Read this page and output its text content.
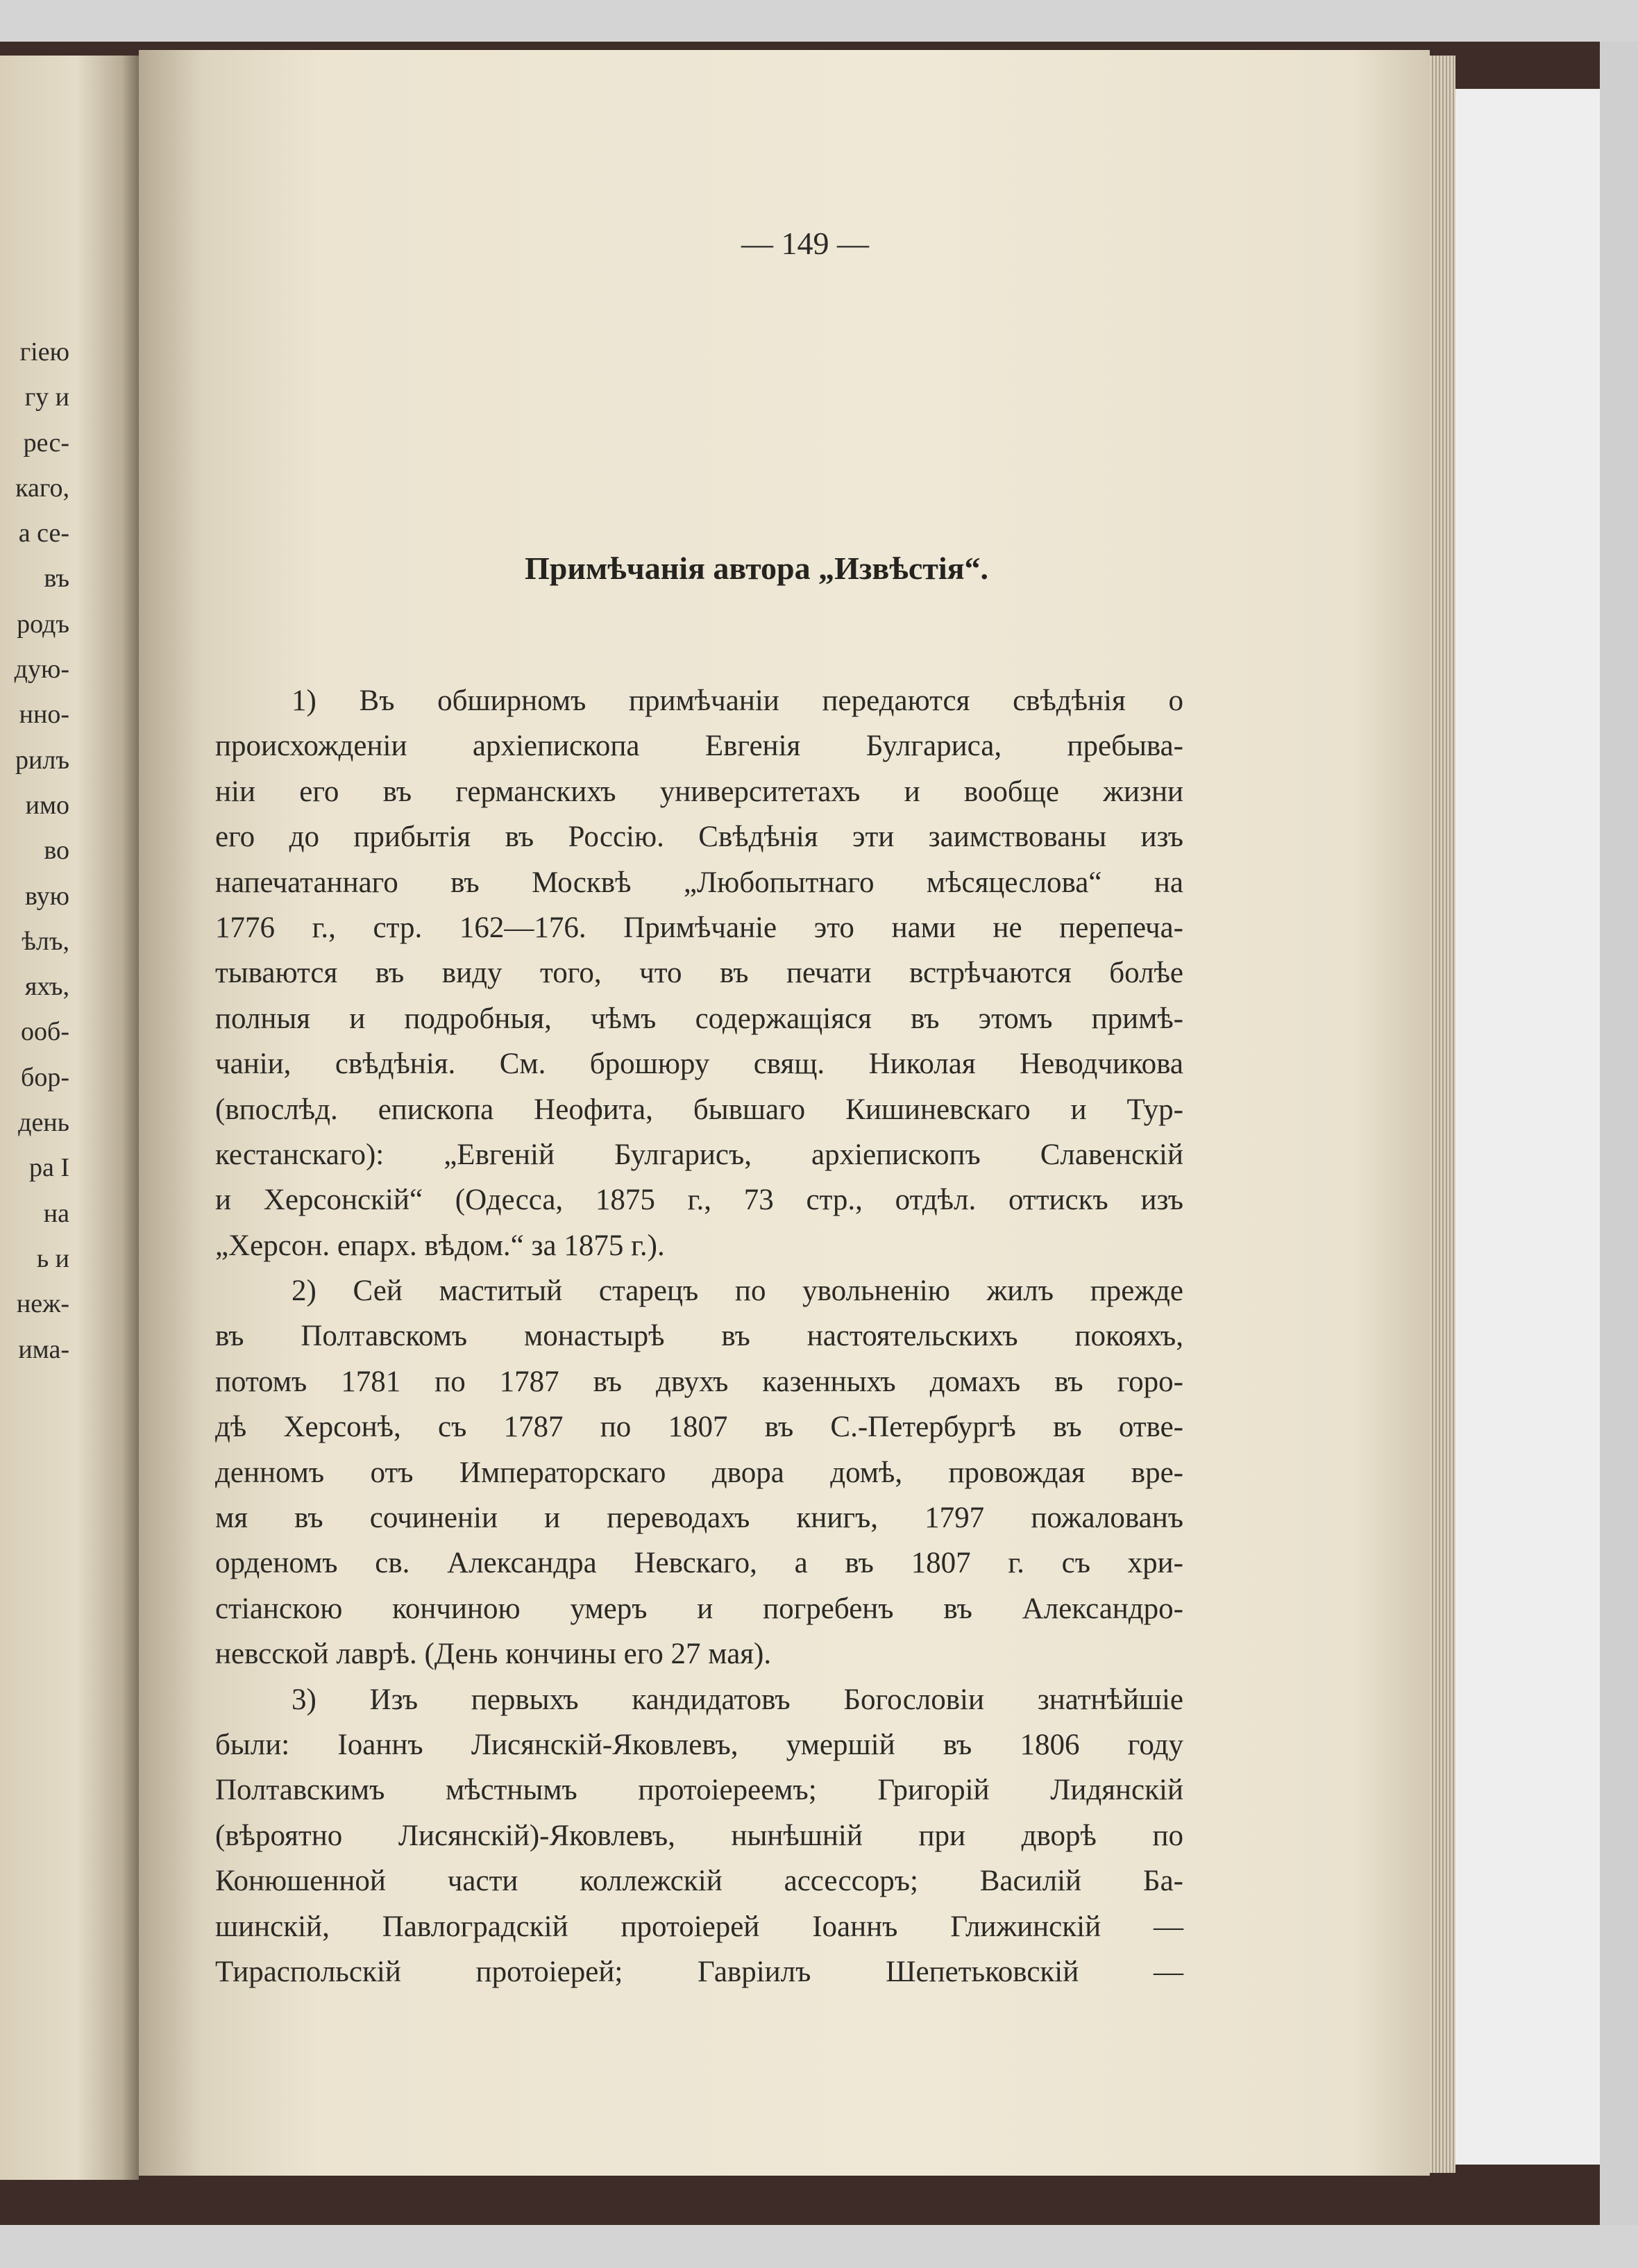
гіею
гу и
рес-
каго,
а се-
въ
родъ
дую-
нно-
рилъ
имо
во
вую
ѣлъ,
яхъ,
ооб-
бор-
день
ра І
на
ь и
неж-
има-
— 149 —
Примѣчанія автора „Извѣстія“.
1) Въ обширномъ примѣчаніи передаются свѣдѣнія о
происхожденіи архіепископа Евгенія Булгариса, пребыва-
ніи его въ германскихъ университетахъ и вообще жизни
его до прибытія въ Россію. Свѣдѣнія эти заимствованы изъ
напечатаннаго въ Москвѣ „Любопытнаго мѣсяцеслова“ на
1776 г., стр. 162—176. Примѣчаніе это нами не перепеча-
тываются въ виду того, что въ печати встрѣчаются болѣе
полныя и подробныя, чѣмъ содержащіяся въ этомъ примѣ-
чаніи, свѣдѣнія. См. брошюру свящ. Николая Неводчикова
(впослѣд. епископа Неофита, бывшаго Кишиневскаго и Тур-
кестанскаго): „Евгеній Булгарисъ, архіепископъ Славенскій
и Херсонскій“ (Одесса, 1875 г., 73 стр., отдѣл. оттискъ изъ
„Херсон. епарх. вѣдом.“ за 1875 г.).
2) Сей маститый старецъ по увольненію жилъ прежде
въ Полтавскомъ монастырѣ въ настоятельскихъ покояхъ,
потомъ 1781 по 1787 въ двухъ казенныхъ домахъ въ горо-
дѣ Херсонѣ, съ 1787 по 1807 въ С.-Петербургѣ въ отве-
денномъ отъ Императорскаго двора домѣ, провождая вре-
мя въ сочиненіи и переводахъ книгъ, 1797 пожалованъ
орденомъ св. Александра Невскаго, а въ 1807 г. съ хри-
стіанскою кончиною умеръ и погребенъ въ Александро-
невсской лаврѣ. (День кончины его 27 мая).
3) Изъ первыхъ кандидатовъ Богословіи знатнѣйшіе
были: Іоаннъ Лисянскій-Яковлевъ, умершій въ 1806 году
Полтавскимъ мѣстнымъ протоіереемъ; Григорій Лидянскій
(вѣроятно Лисянскій)-Яковлевъ, нынѣшній при дворѣ по
Конюшенной части коллежскій ассессоръ; Василій Ба-
шинскій, Павлоградскій протоіерей Іоаннъ Глижинскій —
Тираспольскій протоіерей; Гавріилъ Шепетьковскій —
